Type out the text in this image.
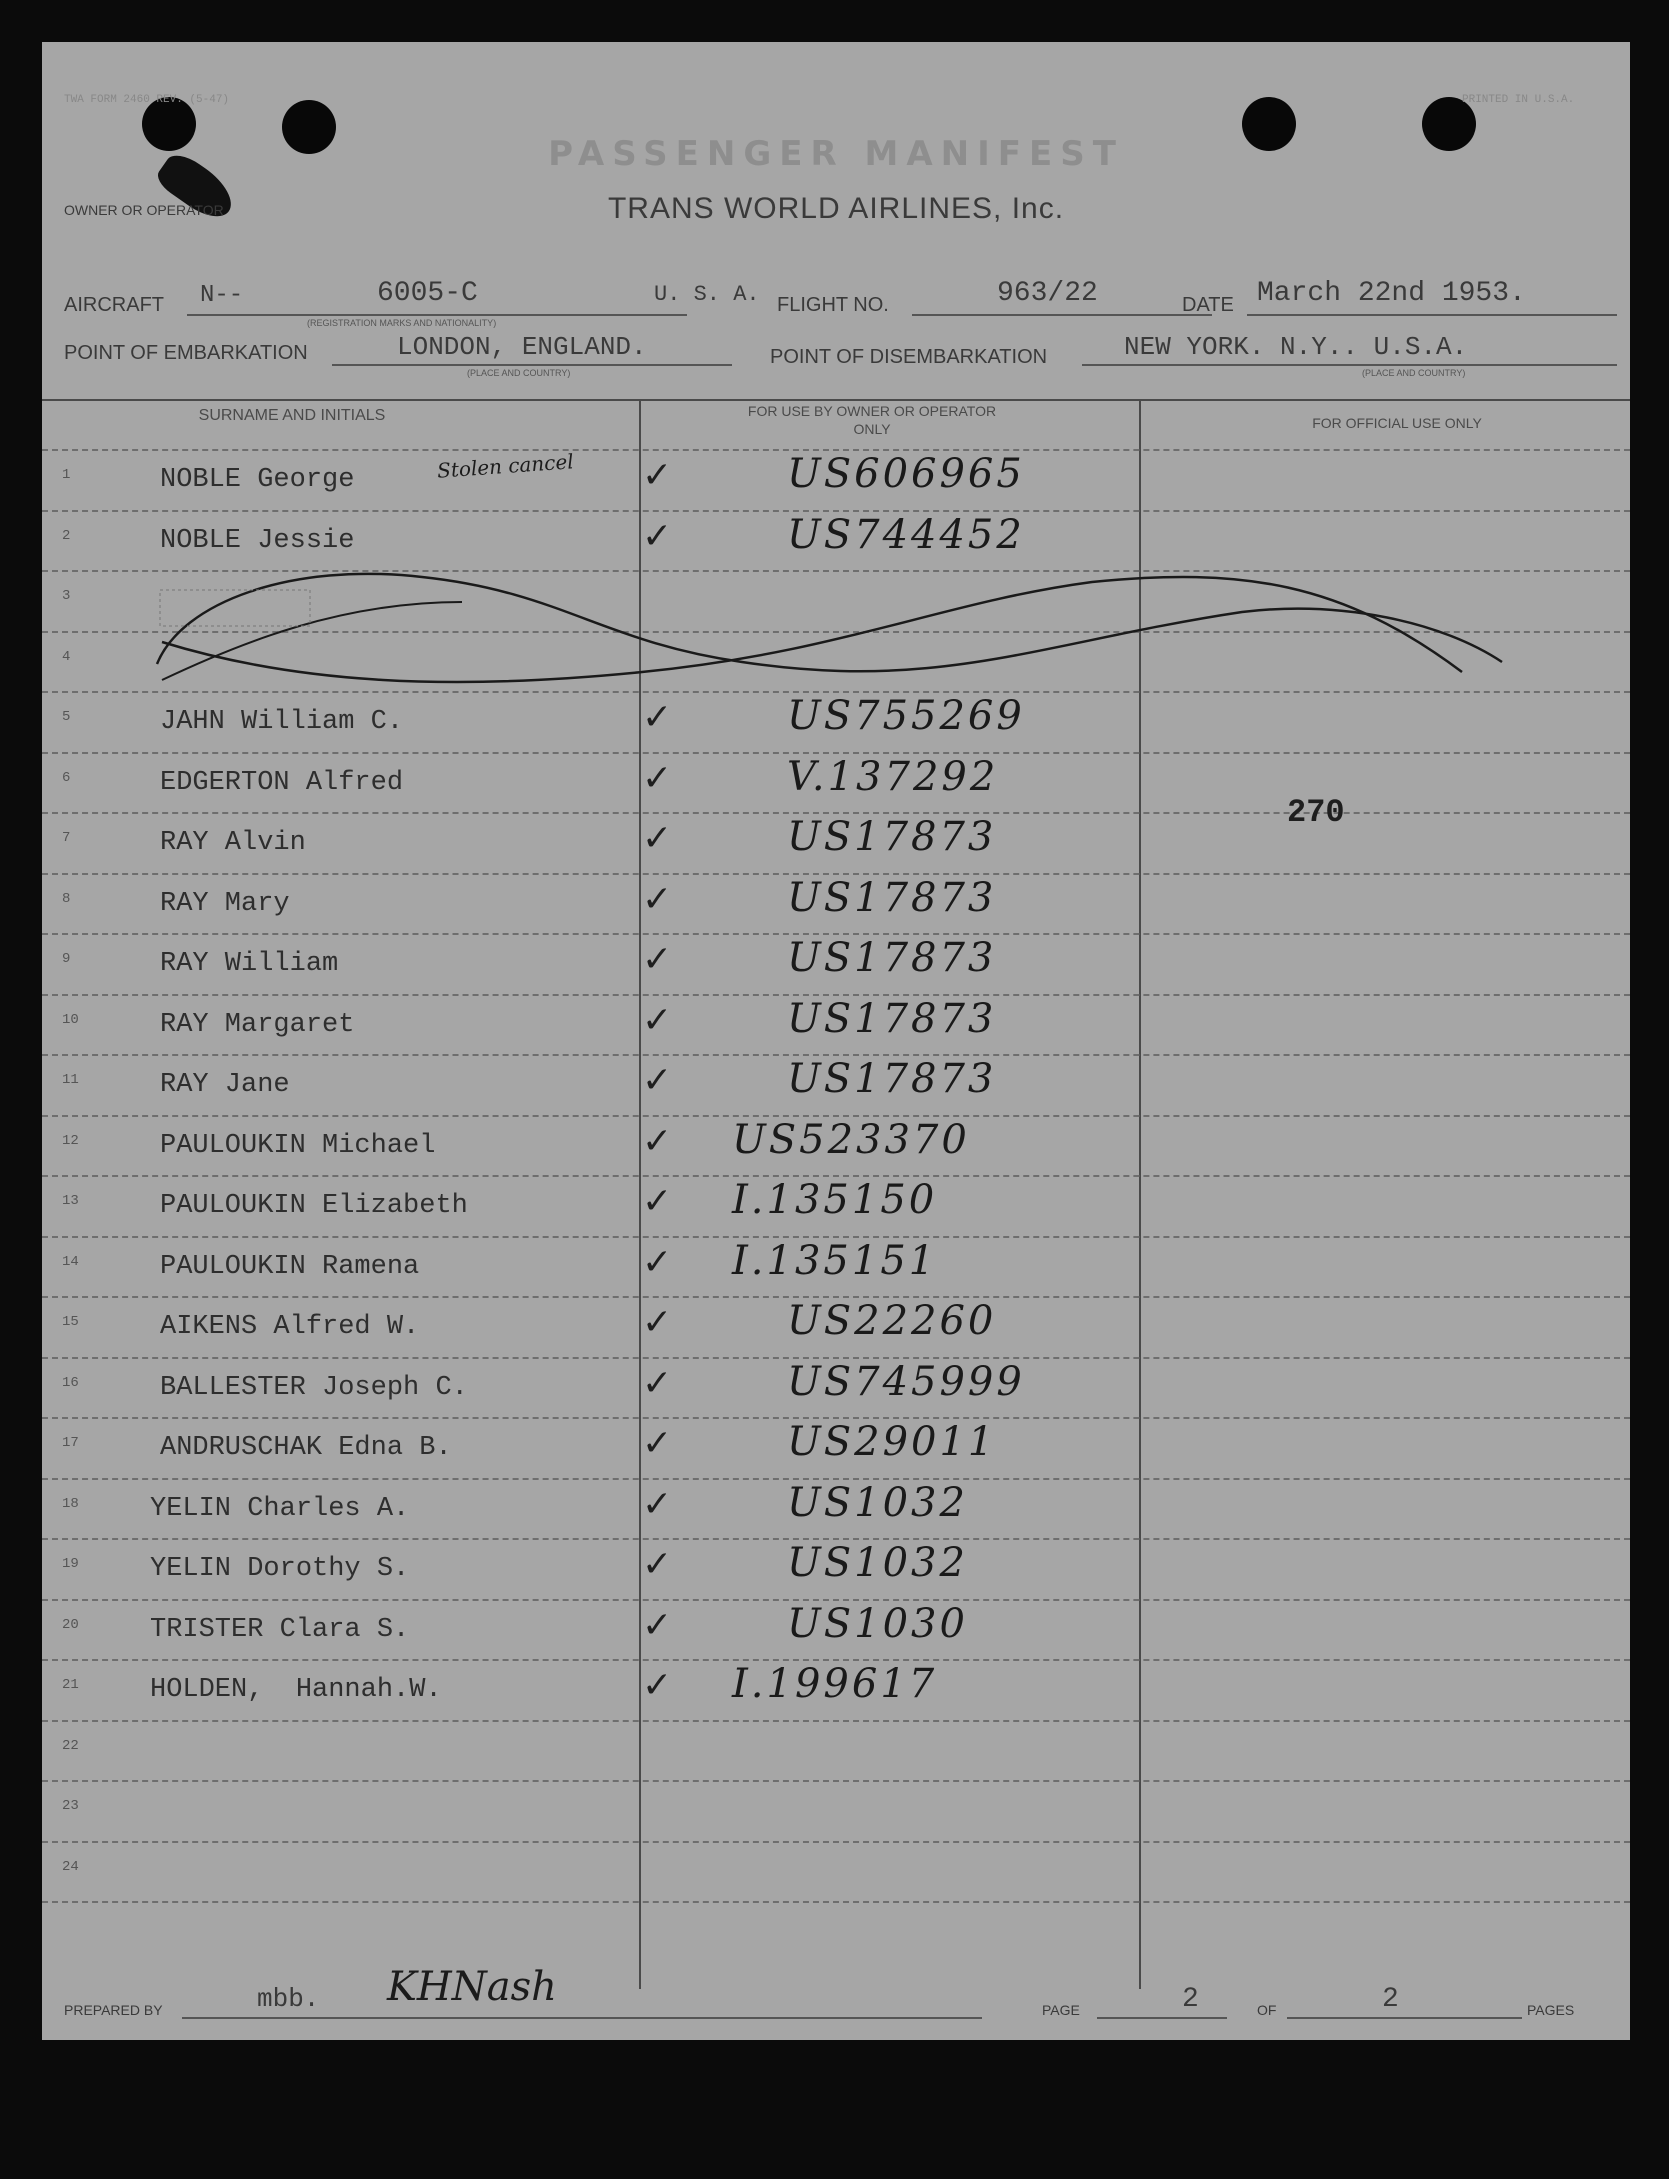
TWA FORM 2460 REV. (5-47)	PRINTED IN U.S.A.
PASSENGER MANIFEST
TRANS WORLD AIRLINES, Inc.
OWNER OR OPERATOR
AIRCRAFT N--	6005-C
(REGISTRATION MARKS AND NATIONALITY)
U. S. A. FLIGHT NO.	963/22	DATE March 22nd 1953.
POINT OF EMBARKATION	LONDON, ENGLAND.
(PLACE AND COUNTRY)
POINT OF DISEMBARKATION	NEW YORK. N.Y.. U.S.A.
(PLACE AND COUNTRY)
SURNAME AND INITIALS	FOR USE BY OWNER OR OPERATOR ONLY	FOR OFFICIAL USE ONLY
1	NOBLE George	✓	US606965
2	NOBLE Jessie	✓	US744452
3
4
5	JAHN William C.	✓	US755269
6	EDGERTON Alfred	✓	V.137292
7	RAY Alvin	✓	US17873
8	RAY Mary	✓	US17873
9	RAY William	✓	US17873
10	RAY Margaret	✓	US17873
11	RAY Jane	✓	US17873
12	PAULOUKIN Michael	✓ US523370
13	PAULOUKIN Elizabeth	✓ I.135150
14	PAULOUKIN Ramena	✓ I.135151
15	AIKENS Alfred W.	✓	US22260
16	BALLESTER Joseph C.	✓	US745999
17	ANDRUSCHAK Edna B.	✓	US29011
18	YELIN Charles A.	✓	US1032
19	YELIN Dorothy S.	✓	US1032
20	TRISTER Clara S.	✓	US1030
21	HOLDEN,  Hannah.W.	✓ I.199617
22
23
24
Stolen cancel
270
PREPARED BY	mbb. KHNash	PAGE	2	OF	2	PAGES
